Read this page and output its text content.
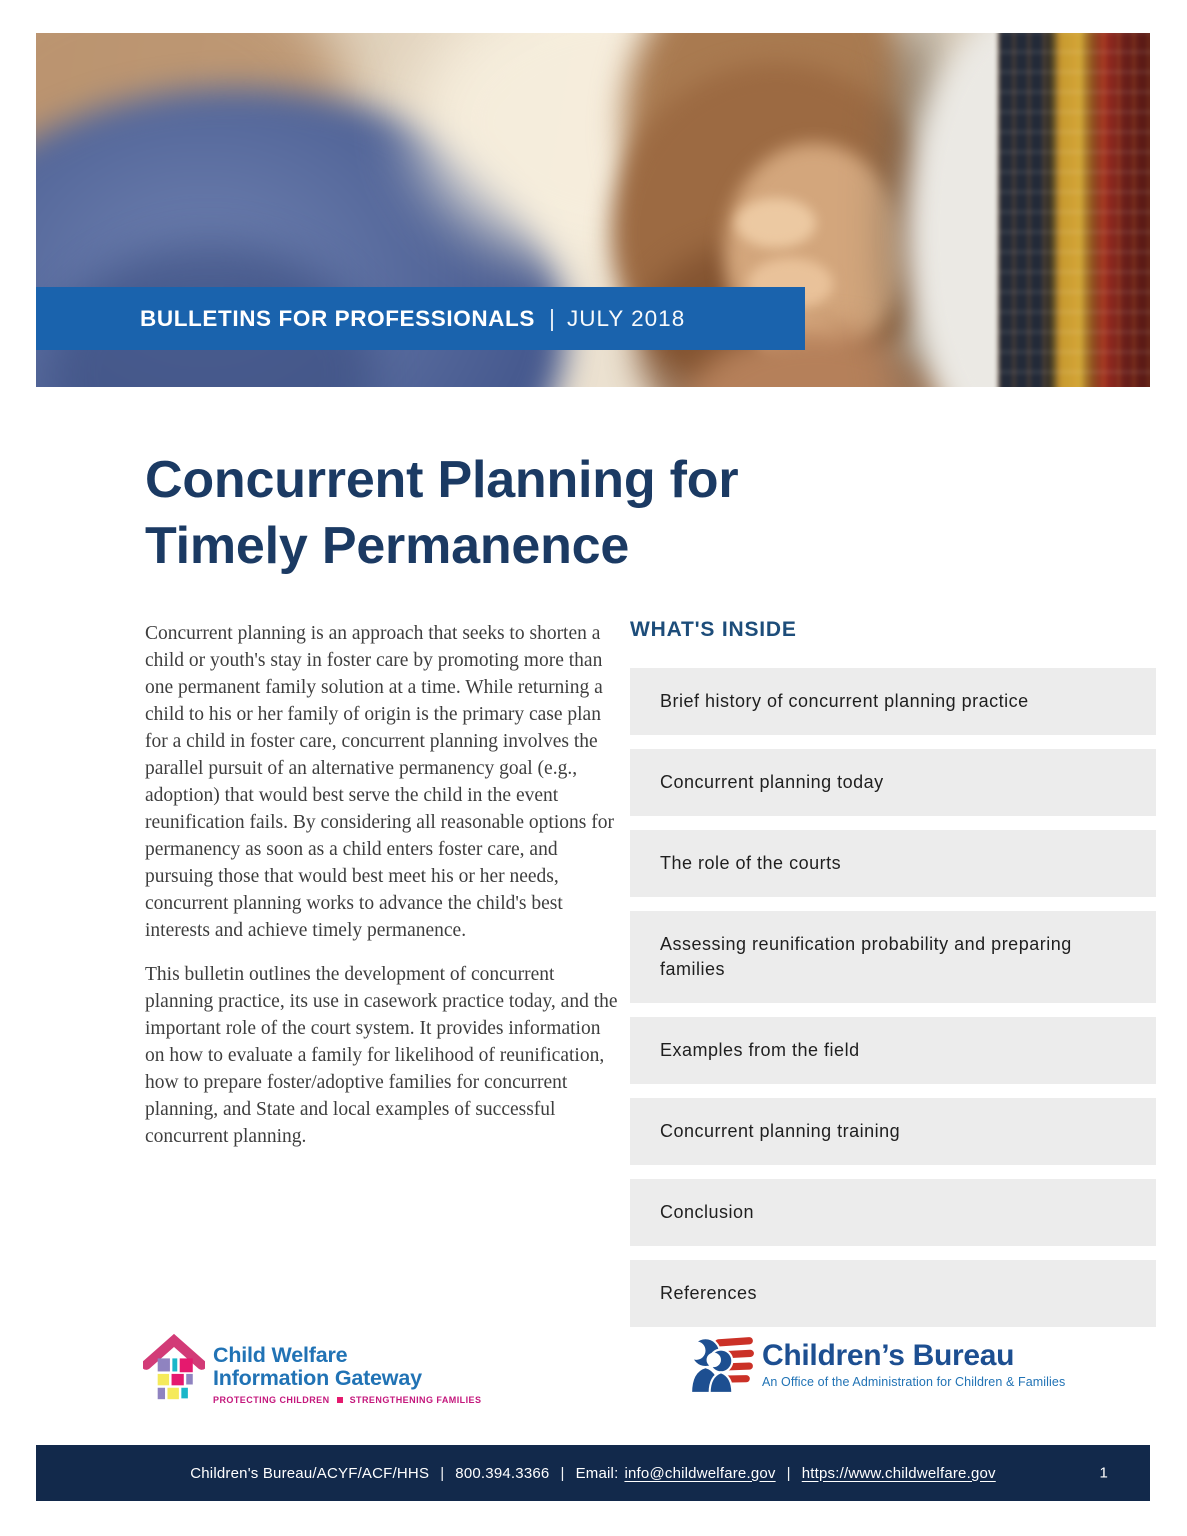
BULLETINS FOR PROFESSIONALS | JULY 2018
Concurrent Planning for
Timely Permanence

Concurrent planning is an approach that seeks to shorten a child or youth's stay in foster care by promoting more than one permanent family solution at a time. While returning a child to his or her family of origin is the primary case plan for a child in foster care, concurrent planning involves the parallel pursuit of an alternative permanency goal (e.g., adoption) that would best serve the child in the event reunification fails. By considering all reasonable options for permanency as soon as a child enters foster care, and pursuing those that would best meet his or her needs, concurrent planning works to advance the child's best interests and achieve timely permanence.

This bulletin outlines the development of concurrent planning practice, its use in casework practice today, and the important role of the court system. It provides information on how to evaluate a family for likelihood of reunification, how to prepare foster/adoptive families for concurrent planning, and State and local examples of successful concurrent planning.

WHAT'S INSIDE
Brief history of concurrent planning practice
Concurrent planning today
The role of the courts
Assessing reunification probability and preparing families
Examples from the field
Concurrent planning training
Conclusion
References
Child Welfare
Information Gateway
PROTECTING CHILDREN STRENGTHENING FAMILIES
Children’s Bureau
An Office of the Administration for Children & Families
Children's Bureau/ACYF/ACF/HHS | 800.394.3366 | Email: info@childwelfare.gov | https://www.childwelfare.gov	1
